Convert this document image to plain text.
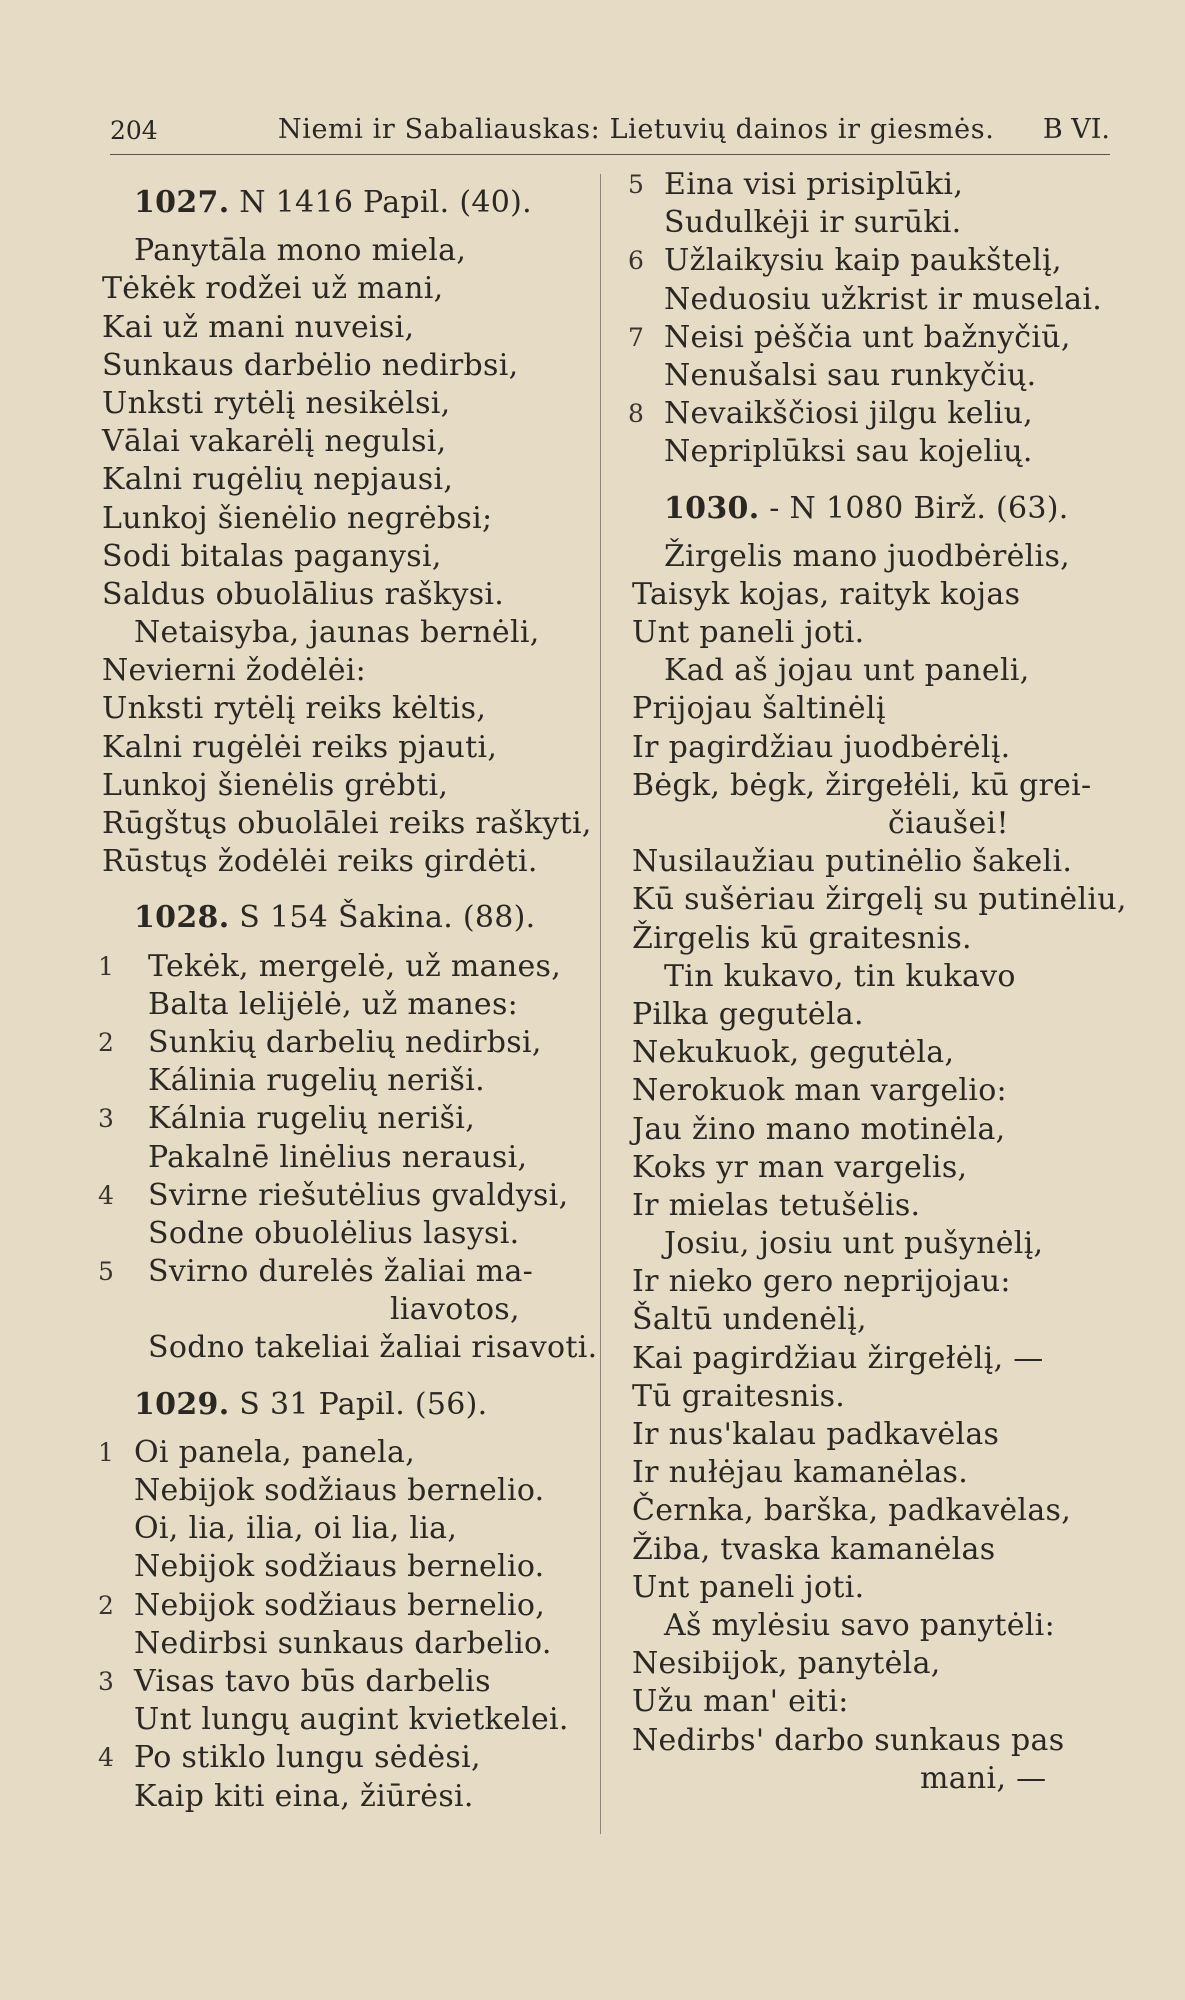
204	Niemi ir Sabaliauskas: Lietuvių dainos ir giesmės. B VI.
1027. N 1416 Papil. (40).
Panytāla mono miela,
Tėkėk rodžei už mani,
Kai už mani nuveisi,
Sunkaus darbėlio nedirbsi,
Unksti rytėlį nesikėlsi,
Vālai vakarėlį negulsi,
Kalni rugėlių nepjausi,
Lunkoj šienėlio negrėbsi;
Sodi bitalas paganysi,
Saldus obuolālius raškysi.
Netaisyba, jaunas bernėli,
Nevierni žodėlėi:
Unksti rytėlį reiks kėltis,
Kalni rugėlėi reiks pjauti,
Lunkoj šienėlis grėbti,
Rūgštųs obuolālei reiks raškyti,
Rūstųs žodėlėi reiks girdėti.
1028. S 154 Šakina. (88).
1 Tekėk, mergelė, už manes,
Balta lelijėlė, už manes:
2 Sunkių darbelių nedirbsi,
Kálinia rugelių neriši.
3 Kálnia rugelių neriši,
Pakalnē linėlius nerausi,
4 Svirne riešutėlius gvaldysi,
Sodne obuolėlius lasysi.
5 Svirno durelės žaliai ma-
liavotos,
Sodno takeliai žaliai risavoti.
1029. S 31 Papil. (56).
1 Oi panela, panela,
Nebijok sodžiaus bernelio.
Oi, lia, ilia, oi lia, lia,
Nebijok sodžiaus bernelio.
2 Nebijok sodžiaus bernelio,
Nedirbsi sunkaus darbelio.
3 Visas tavo būs darbelis
Unt lungų augint kvietkelei.
4 Po stiklo lungu sėdėsi,
Kaip kiti eina, žiūrėsi.
5 Eina visi prisiplūki,
Sudulkėji ir surūki.
6 Užlaikysiu kaip paukštelį,
Neduosiu užkrist ir muselai.
7 Neisi pėščia unt bažnyčiū,
Nenušalsi sau runkyčių.
8 Nevaikščiosi jilgu keliu,
Nepriplūksi sau kojelių.
1030. - N 1080 Birž. (63).
Žirgelis mano juodbėrėlis,
Taisyk kojas, raityk kojas
Unt paneli joti.
Kad aš jojau unt paneli,
Prijojau šaltinėlį
Ir pagirdžiau juodbėrėlį.
Bėgk, bėgk, žirgełėli, kū grei-
čiaušei!
Nusilaužiau putinėlio šakeli.
Kū sušėriau žirgelį su putinėliu,
Žirgelis kū graitesnis.
Tin kukavo, tin kukavo
Pilka gegutėla.
Nekukuok, gegutėla,
Nerokuok man vargelio:
Jau žino mano motinėla,
Koks yr man vargelis,
Ir mielas tetušėlis.
Josiu, josiu unt pušynėlį,
Ir nieko gero neprijojau:
Šaltū undenėlį,
Kai pagirdžiau žirgełėlį, —
Tū graitesnis.
Ir nus'kalau padkavėlas
Ir nułėjau kamanėlas.
Černka, barška, padkavėlas,
Žiba, tvaska kamanėlas
Unt paneli joti.
Aš mylėsiu savo panytėli:
Nesibijok, panytėla,
Užu man' eiti:
Nedirbs' darbo sunkaus pas
mani, —
